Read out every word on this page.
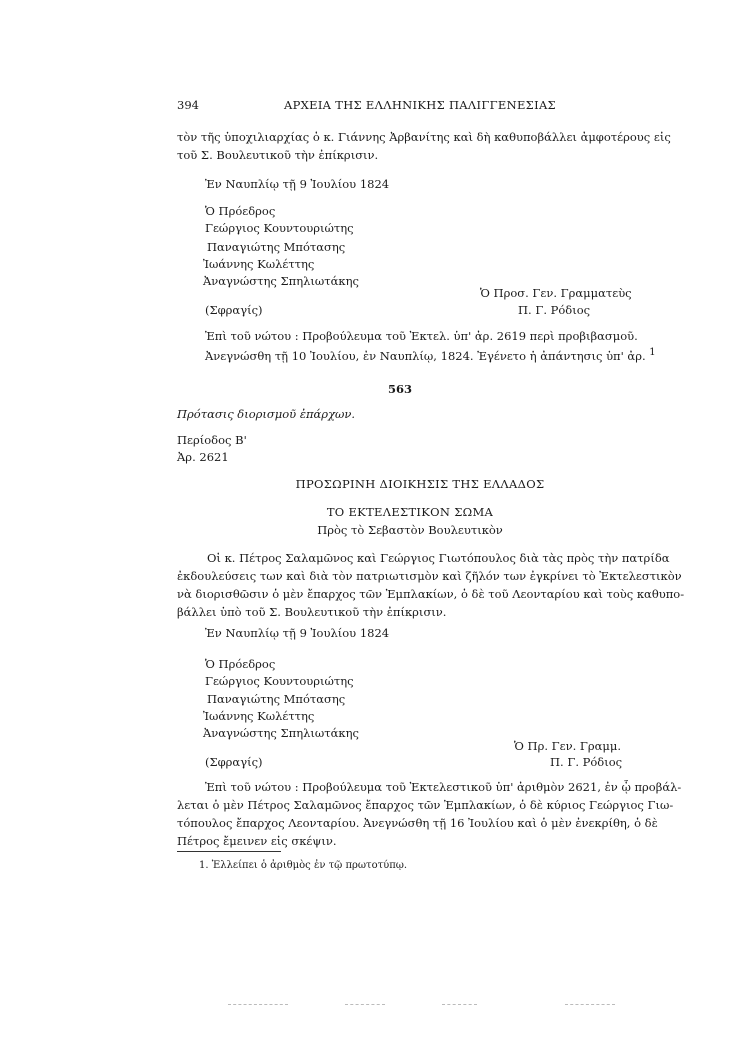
394	ΑΡΧΕΙΑ ΤΗΣ ΕΛΛΗΝΙΚΗΣ ΠΑΛΙΓΓΕΝΕΣΙΑΣ
τὸν τῆς ὑποχιλιαρχίας ὁ κ. Γιάννης Ἀρβανίτης καὶ δὴ καθυποβάλλει ἀμφοτέρους εἰς
τοῦ Σ. Βουλευτικοῦ τὴν ἐπίκρισιν.
Ἐν Ναυπλίῳ τῇ 9 Ἰουλίου 1824
Ὁ Πρόεδρος
Γεώργιος Κουντουριώτης
Παναγιώτης Μπότασης
Ἰωάννης Κωλέττης
Ἀναγνώστης Σπηλιωτάκης
Ὁ Προσ. Γεν. Γραμματεὺς
(Σφραγίς)	Π. Γ. Ρόδιος
Ἐπὶ τοῦ νώτου : Προβούλευμα τοῦ Ἐκτελ. ὑπ' ἀρ. 2619 περὶ προβιβασμοῦ.
Ἀνεγνώσθη τῇ 10 Ἰουλίου, ἐν Ναυπλίῳ, 1824. Ἐγένετο ἡ ἀπάντησις ὑπ' ἀρ. $^1$
563
Πρότασις διορισμοῦ ἐπάρχων.
Περίοδος Β'
Ἀρ. 2621
ΠΡΟΣΩΡΙΝΗ ΔΙΟΙΚΗΣΙΣ ΤΗΣ ΕΛΛΑΔΟΣ
ΤΟ ΕΚΤΕΛΕΣΤΙΚΟΝ ΣΩΜΑ
Πρὸς τὸ Σεβαστὸν Βουλευτικὸν
Οἱ κ. Πέτρος Σαλαμῶνος καὶ Γεώργιος Γιωτόπουλος διὰ τὰς πρὸς τὴν πατρίδα
ἐκδουλεύσεις των καὶ διὰ τὸν πατριωτισμὸν καὶ ζῆλόν των ἐγκρίνει τὸ Ἐκτελεστικὸν
νὰ διορισθῶσιν ὁ μὲν ἔπαρχος τῶν Ἐμπλακίων, ὁ δὲ τοῦ Λεονταρίου καὶ τοὺς καθυπο-
βάλλει ὑπὸ τοῦ Σ. Βουλευτικοῦ τὴν ἐπίκρισιν.
Ἐν Ναυπλίῳ τῇ 9 Ἰουλίου 1824
Ὁ Πρόεδρος
Γεώργιος Κουντουριώτης
Παναγιώτης Μπότασης
Ἰωάννης Κωλέττης
Ἀναγνώστης Σπηλιωτάκης
Ὁ Πρ. Γεν. Γραμμ.
(Σφραγίς)	Π. Γ. Ρόδιος
Ἐπὶ τοῦ νώτου : Προβούλευμα τοῦ Ἐκτελεστικοῦ ὑπ' ἀριθμὸν 2621, ἐν ᾧ προβάλ-
λεται ὁ μὲν Πέτρος Σαλαμῶνος ἔπαρχος τῶν Ἐμπλακίων, ὁ δὲ κύριος Γεώργιος Γιω-
τόπουλος ἔπαρχος Λεονταρίου. Ἀνεγνώσθη τῇ 16 Ἰουλίου καὶ ὁ μὲν ἐνεκρίθη, ὁ δὲ
Πέτρος ἔμεινεν εἰς σκέψιν.
1. Ἐλλείπει ὁ ἀριθμὸς ἐν τῷ πρωτοτύπῳ.
